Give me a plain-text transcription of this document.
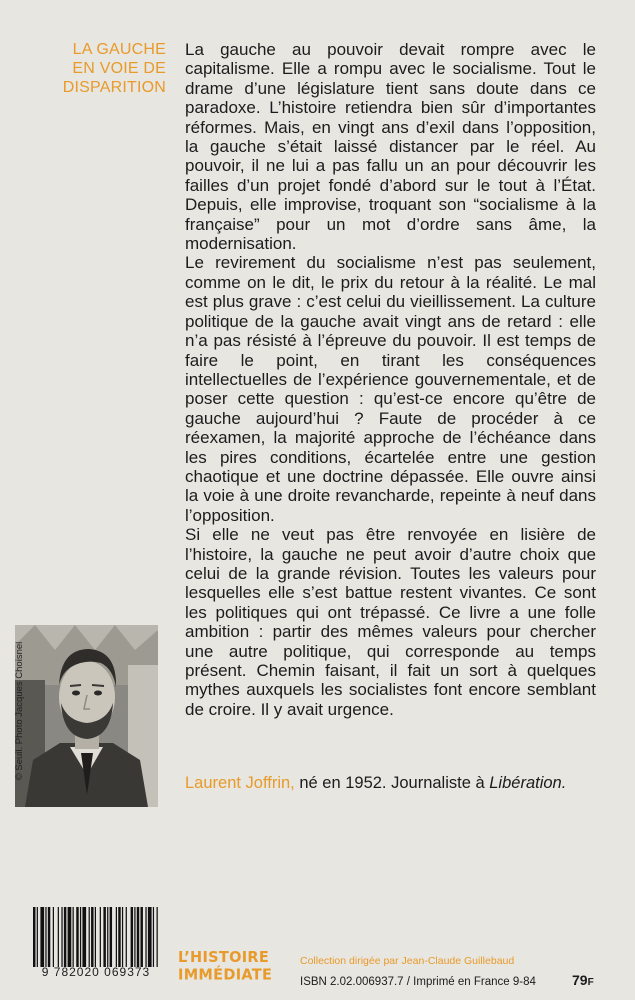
LA GAUCHE
EN VOIE DE
DISPARITION

La gauche au pouvoir devait rompre avec le capitalisme. Elle a rompu avec le socialisme. Tout le drame d’une législature tient sans doute dans ce paradoxe. L’histoire retiendra bien sûr d’importantes réformes. Mais, en vingt ans d’exil dans l’opposition, la gauche s’était laissé distancer par le réel. Au pouvoir, il ne lui a pas fallu un an pour découvrir les failles d’un projet fondé d’abord sur le tout à l’État. Depuis, elle improvise, troquant son “socialisme à la française” pour un mot d’ordre sans âme, la modernisation.

Le revirement du socialisme n’est pas seulement, comme on le dit, le prix du retour à la réalité. Le mal est plus grave : c’est celui du vieillissement. La culture politique de la gauche avait vingt ans de retard : elle n’a pas résisté à l’épreuve du pouvoir. Il est temps de faire le point, en tirant les conséquences intellectuelles de l’expérience gouvernementale, et de poser cette question : qu’est-ce encore qu’être de gauche aujourd’hui ? Faute de procéder à ce réexamen, la majorité approche de l’échéance dans les pires conditions, écartelée entre une gestion chaotique et une doctrine dépassée. Elle ouvre ainsi la voie à une droite revancharde, repeinte à neuf dans l’opposition.

Si elle ne veut pas être renvoyée en lisière de l’histoire, la gauche ne peut avoir d’autre choix que celui de la grande révision. Toutes les valeurs pour lesquelles elle s’est battue restent vivantes. Ce sont les politiques qui ont trépassé. Ce livre a une folle ambition : partir des mêmes valeurs pour chercher une autre politique, qui corresponde au temps présent. Chemin faisant, il fait un sort à quelques mythes auxquels les socialistes font encore semblant de croire. Il y avait urgence.

© Seuil. Photo Jacques Choisnel
Laurent Joffrin, né en 1952. Journaliste à Libération.
9 782020 069373
L’HISTOIRE
IMMÉDIATE
Collection dirigée par Jean-Claude Guillebaud
ISBN 2.02.006937.7 / Imprimé en France 9-84	79F
